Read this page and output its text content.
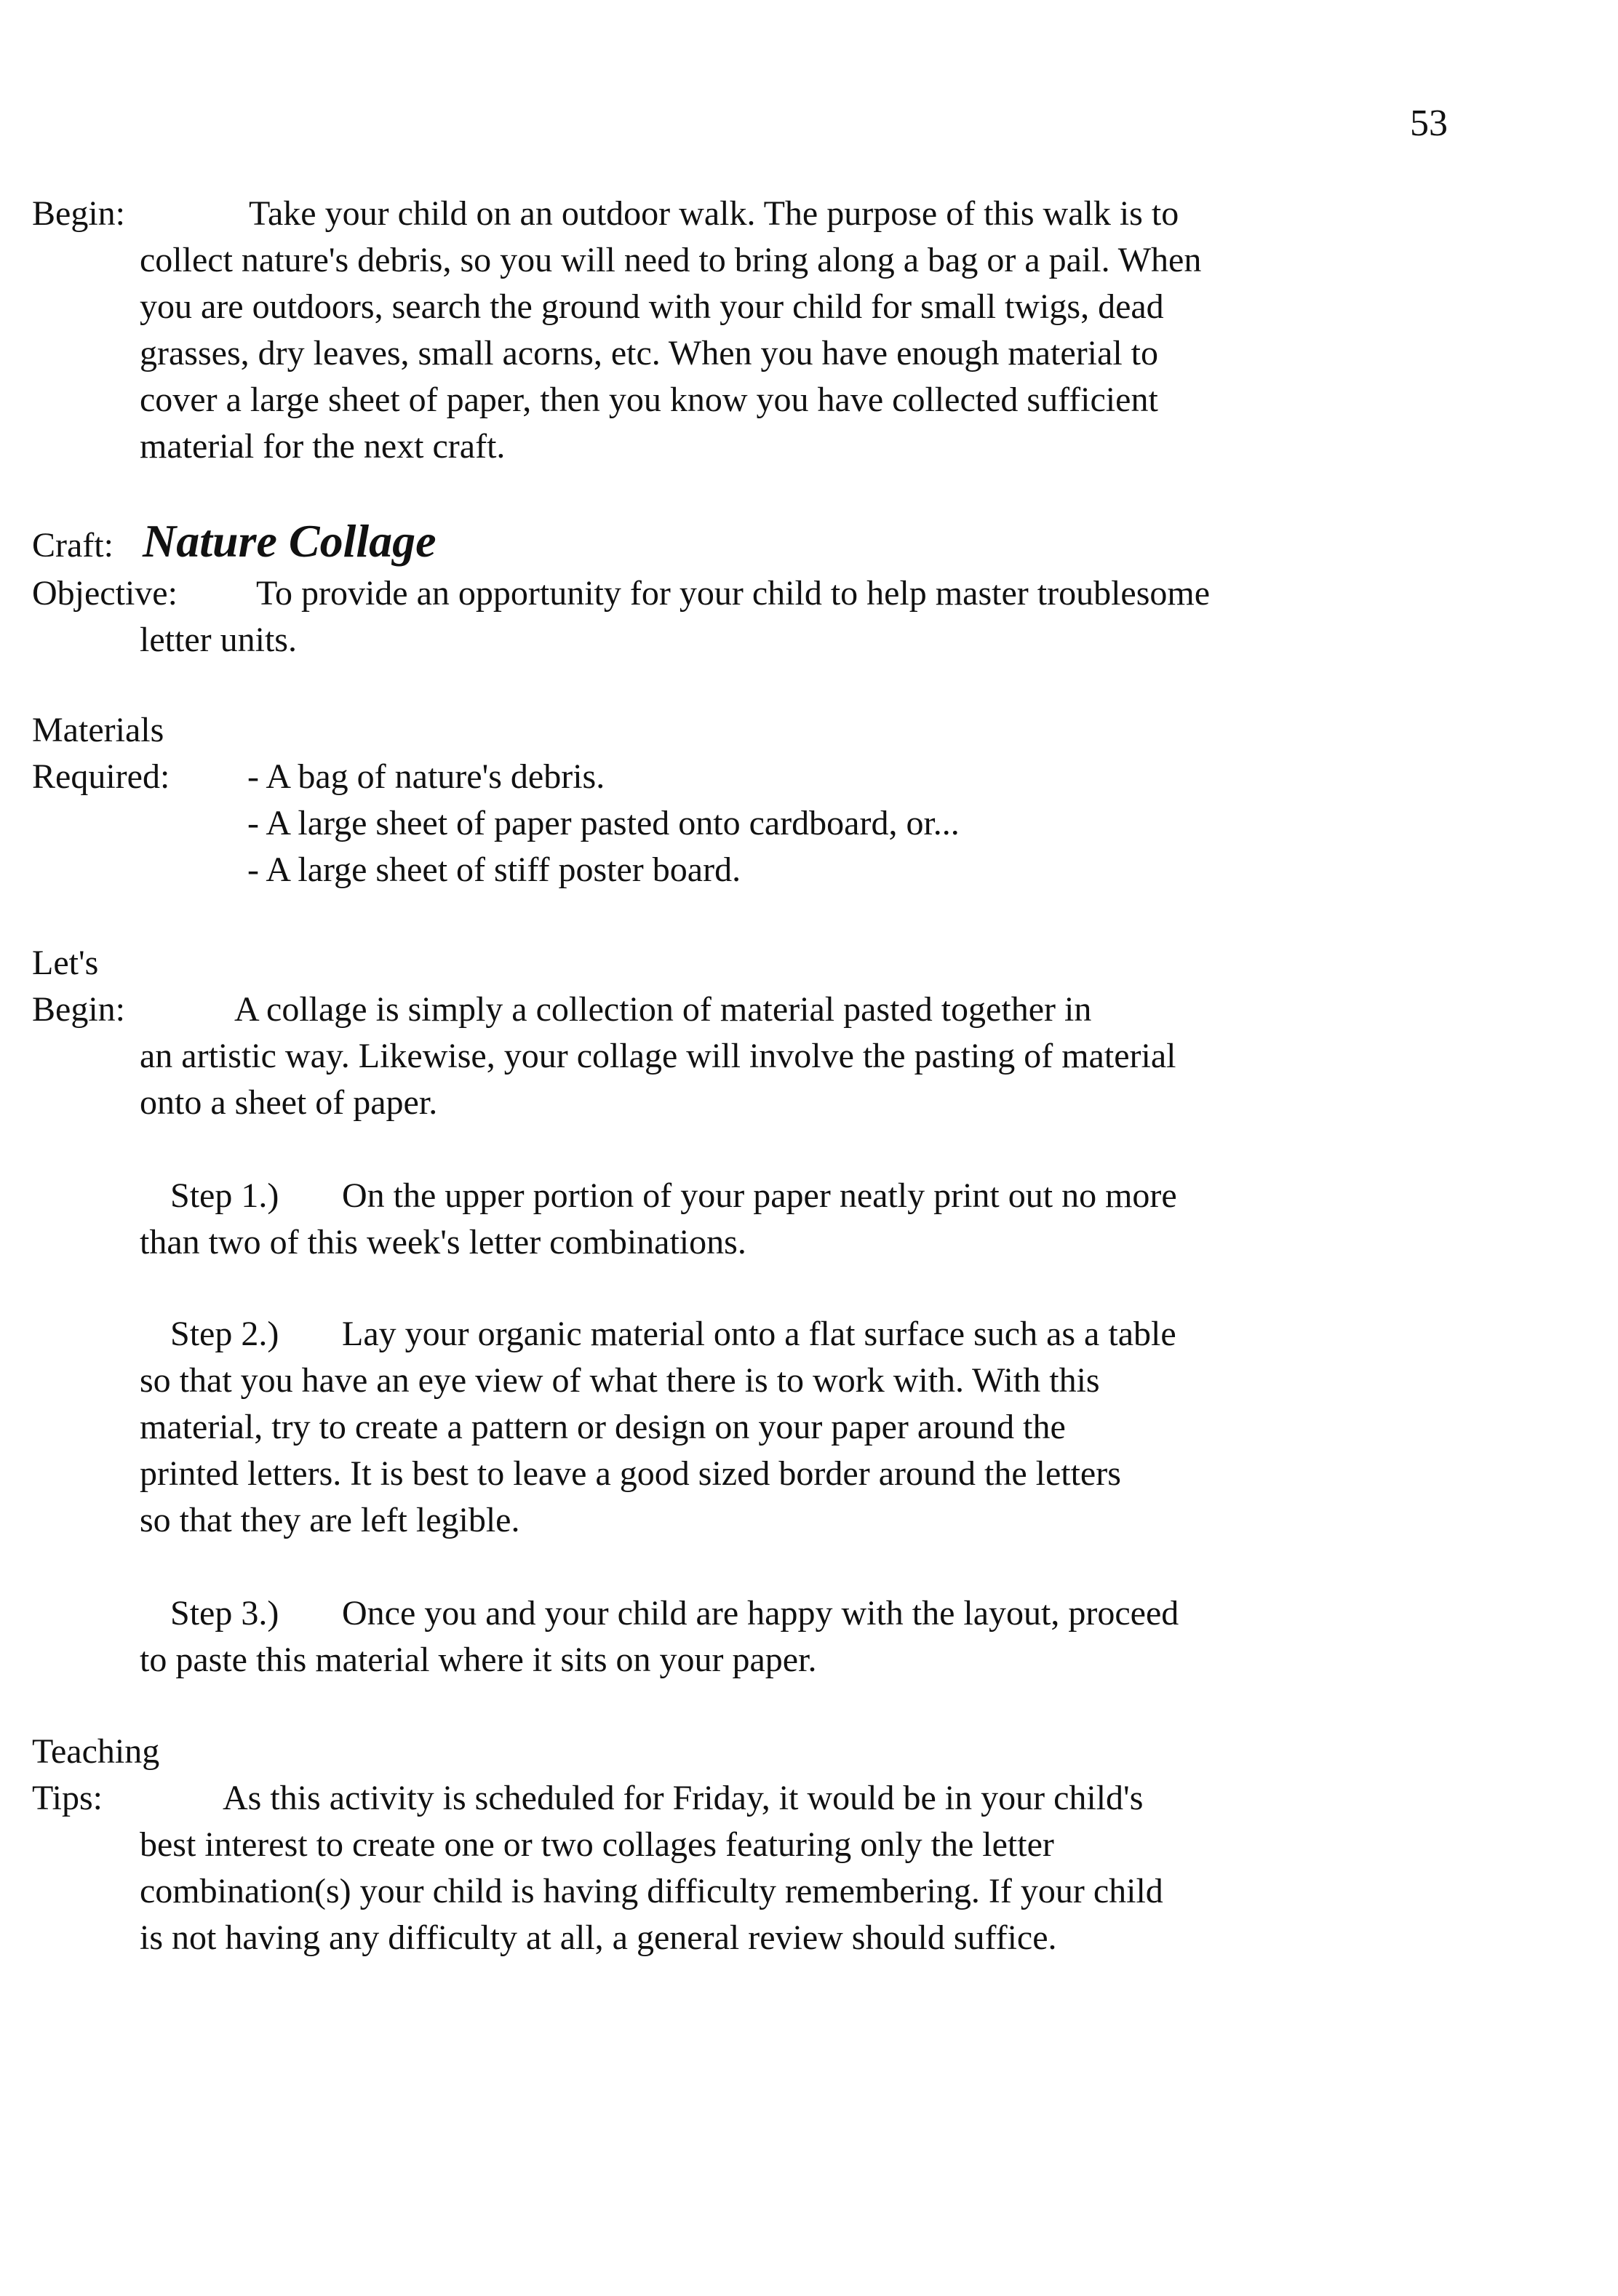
53
Begin:	Take your child on an outdoor walk. The purpose of this walk is to
collect nature's debris, so you will need to bring along a bag or a pail. When
you are outdoors, search the ground with your child for small twigs, dead
grasses, dry leaves, small acorns, etc. When you have enough material to
cover a large sheet of paper, then you know you have collected sufficient
material for the next craft.
Craft: Nature Collage
Objective: To provide an opportunity for your child to help master troublesome
letter units.
Materials
Required: - A bag of nature's debris.
- A large sheet of paper pasted onto cardboard, or...
- A large sheet of stiff poster board.
Let's
Begin:	A collage is simply a collection of material pasted together in
an artistic way. Likewise, your collage will involve the pasting of material
onto a sheet of paper.
Step 1.) On the upper portion of your paper neatly print out no more
than two of this week's letter combinations.
Step 2.) Lay your organic material onto a flat surface such as a table
so that you have an eye view of what there is to work with. With this
material, try to create a pattern or design on your paper around the
printed letters. It is best to leave a good sized border around the letters
so that they are left legible.
Step 3.) Once you and your child are happy with the layout, proceed
to paste this material where it sits on your paper.
Teaching
Tips:	As this activity is scheduled for Friday, it would be in your child's
best interest to create one or two collages featuring only the letter
combination(s) your child is having difficulty remembering. If your child
is not having any difficulty at all, a general review should suffice.
